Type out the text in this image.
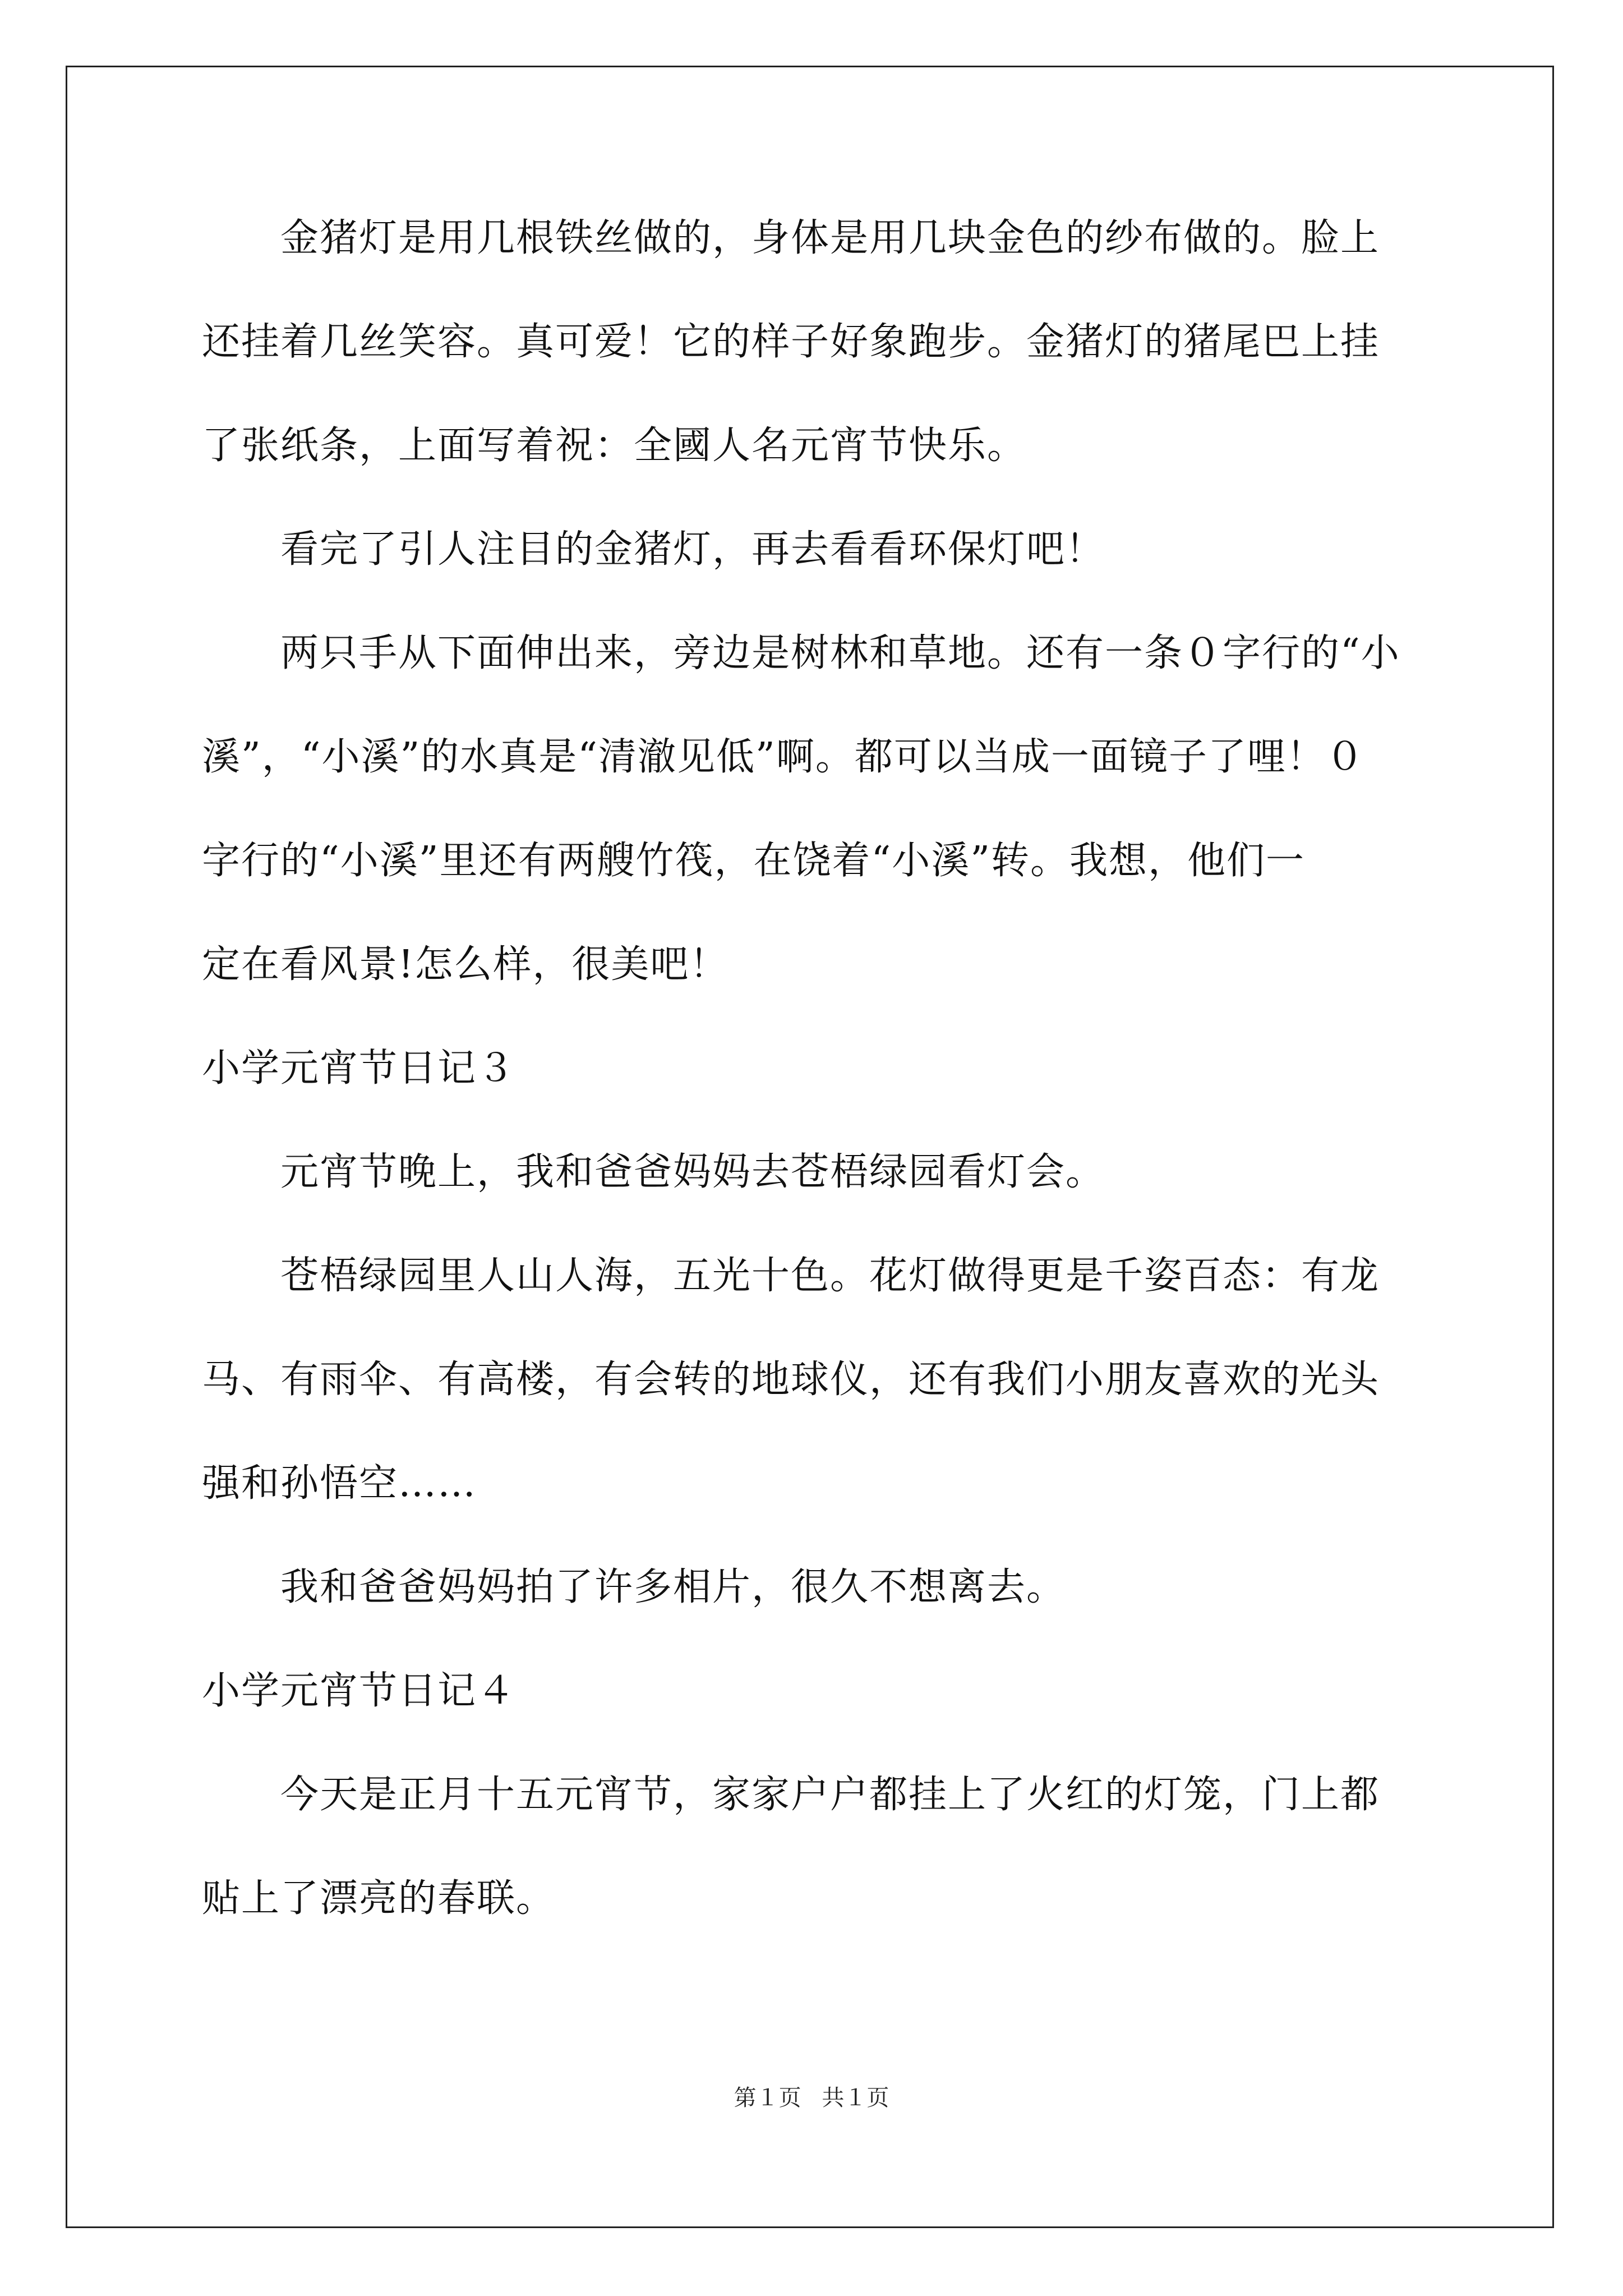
金猪灯是用几根铁丝做的，身体是用几块金色的纱布做的。脸上
还挂着几丝笑容。真可爱！它的样子好象跑步。金猪灯的猪尾巴上挂
了张纸条，上面写着祝：全國人名元宵节快乐。
看完了引人注目的金猪灯，再去看看环保灯吧！
两只手从下面伸出来，旁边是树林和草地。还有一条０字行的“小
溪”，“小溪”的水真是“清澈见低”啊。都可以当成一面镜子了哩！０
字行的“小溪”里还有两艘竹筏，在饶着“小溪”转。我想，他们一
定在看风景!怎么样，很美吧！
小学元宵节日记３
元宵节晚上，我和爸爸妈妈去苍梧绿园看灯会。
苍梧绿园里人山人海，五光十色。花灯做得更是千姿百态：有龙
马、有雨伞、有高楼，有会转的地球仪，还有我们小朋友喜欢的光头
强和孙悟空……
我和爸爸妈妈拍了许多相片，很久不想离去。
小学元宵节日记４
今天是正月十五元宵节，家家户户都挂上了火红的灯笼，门上都
贴上了漂亮的春联。
第１页 共１页
